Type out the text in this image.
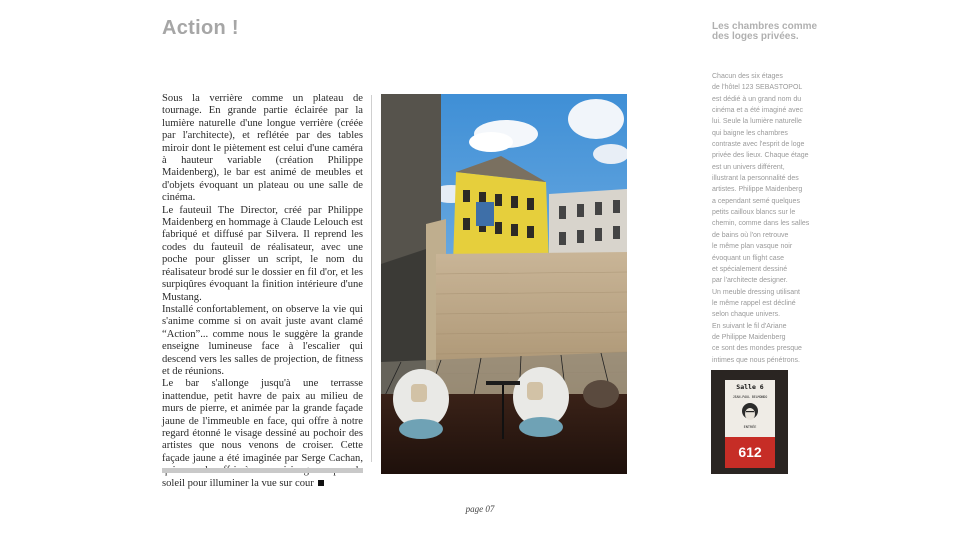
Action !

Sous la verrière comme un plateau de tournage. En grande partie éclairée par la lumière naturelle d'une longue verrière (créée par l'architecte), et reflétée par des tables miroir dont le piètement est celui d'une caméra à hauteur variable (création Philippe Maidenberg), le bar est animé de meubles et d'objets évoquant un plateau ou une salle de cinéma.

Le fauteuil The Director, créé par Philippe Maidenberg en hommage à Claude Lelouch est fabriqué et diffusé par Silvera. Il reprend les codes du fauteuil de réalisateur, avec une poche pour glisser un script, le nom du réalisateur brodé sur le dossier en fil d'or, et les surpiqûres évoquant la finition intérieure d'une Mustang.

Installé confortablement, on observe la vie qui s'anime comme si on avait juste avant clamé “Action”... comme nous le suggère la grande enseigne lumineuse face à l'escalier qui descend vers les salles de projection, de fitness et de réunions.

Le bar s'allonge jusqu'à une terrasse inattendue, petit havre de paix au milieu de murs de pierre, et animée par la grande façade jaune de l'immeuble en face, qui offre à notre regard étonné le visage dessiné au pochoir des artistes que nous venons de croiser. Cette façade jaune a été imaginée par Serge Cachan, soleil pour illuminer la vue sur cour

Les chambres comme des loges privées.
Chacun des six étages
de l'hôtel 123 SEBASTOPOL
est dédié à un grand nom du
cinéma et a été imaginé avec
lui. Seule la lumière naturelle
qui baigne les chambres
contraste avec l'esprit de loge
privée des lieux. Chaque étage
est un univers différent,
illustrant la personnalité des
artistes. Philippe Maidenberg
a cependant semé quelques
petits cailloux blancs sur le
chemin, comme dans les salles
de bains où l'on retrouve
le même plan vasque noir
évoquant un flight case
et spécialement dessiné
par l'architecte designer.
Un meuble dressing utilisant
le même rappel est décliné
selon chaque univers.
En suivant le fil d'Ariane
de Philippe Maidenberg
ce sont des mondes presque
intimes que nous pénétrons.
Salle 6
JEAN-PAUL BELMONDO
ENTRÉE
612
page 07
